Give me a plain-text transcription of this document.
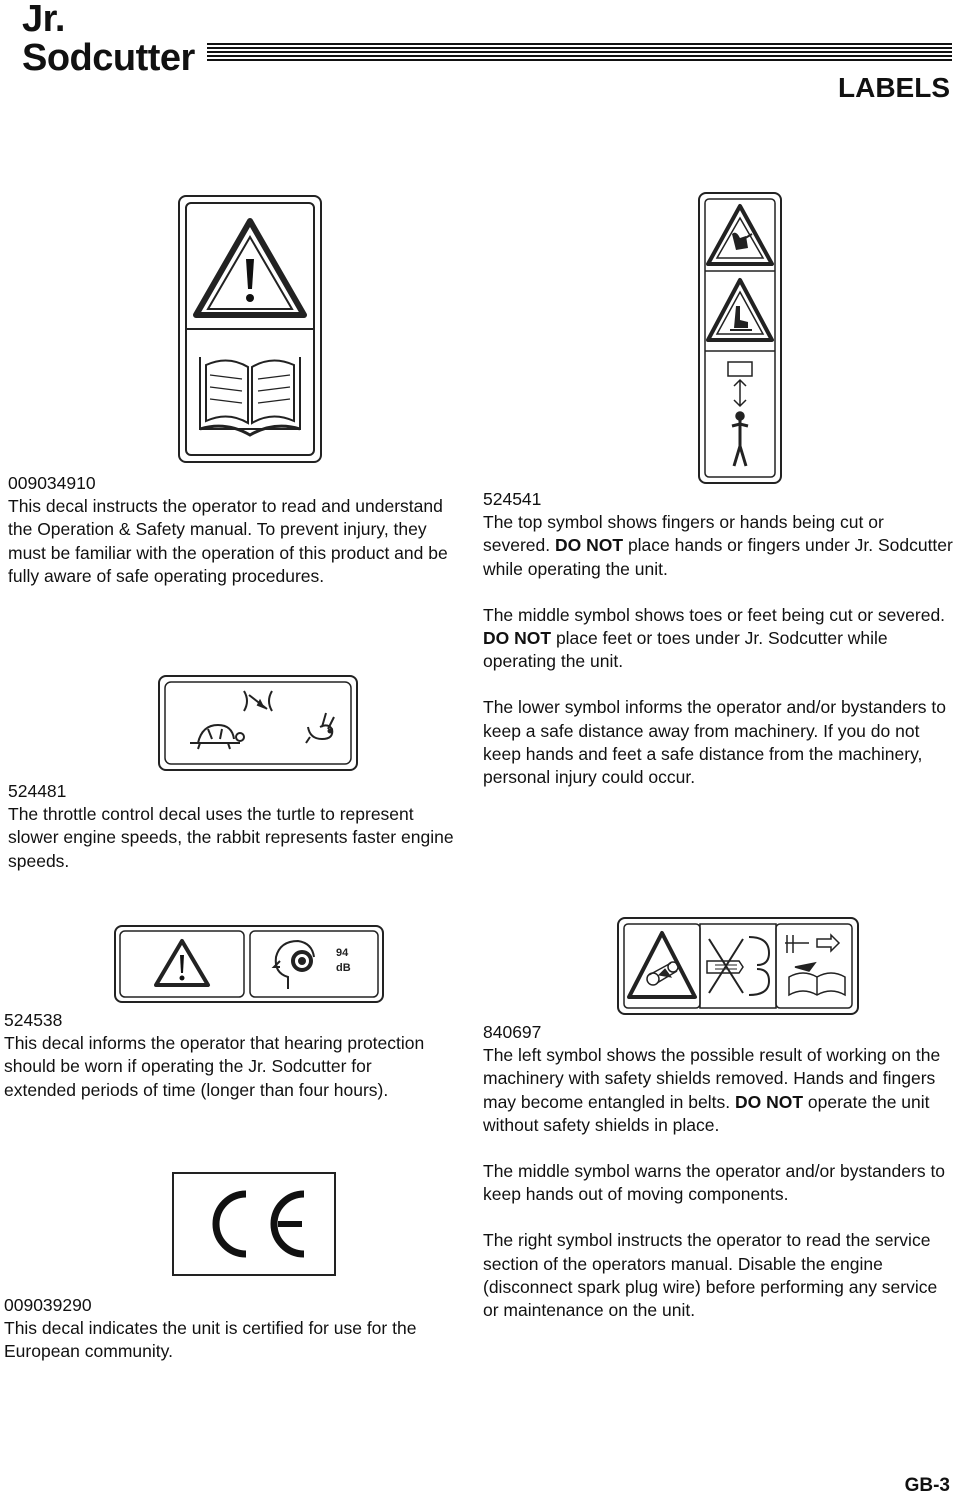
Jr.
Sodcutter
LABELS
009034910
This decal instructs the operator to read and understand the Operation & Safety manual. To prevent injury, they must be familiar with the operation of this product and be fully aware of safe operating procedures.
524481
The throttle control decal uses the turtle to represent slower engine speeds, the rabbit represents faster engine speeds.
524541

The top symbol shows fingers or hands being cut or severed. DO NOT place hands or fingers under Jr. Sodcutter while operating the unit.

The middle symbol shows toes or feet being cut or severed. DO NOT place feet or toes under Jr. Sodcutter while operating the unit.

The lower symbol informs the operator and/or bystanders to keep a safe distance away from machinery. If you do not keep hands and feet a safe distance from the machinery, personal injury could occur.

94
dB
524538
This decal informs the operator that hearing protection should be worn if operating the Jr. Sodcutter for extended periods of time (longer than four hours).
840697

The left symbol shows the possible result of working on the machinery with safety shields removed. Hands and fingers may become entangled in belts. DO NOT operate the unit without safety shields in place.

The middle symbol warns the operator and/or bystanders to keep hands out of moving components.

The right symbol instructs the operator to read the service section of the operators manual. Disable the engine (disconnect spark plug wire) before performing any service or maintenance on the unit.

009039290
This decal indicates the unit is certified for use for the European community.
GB-3
